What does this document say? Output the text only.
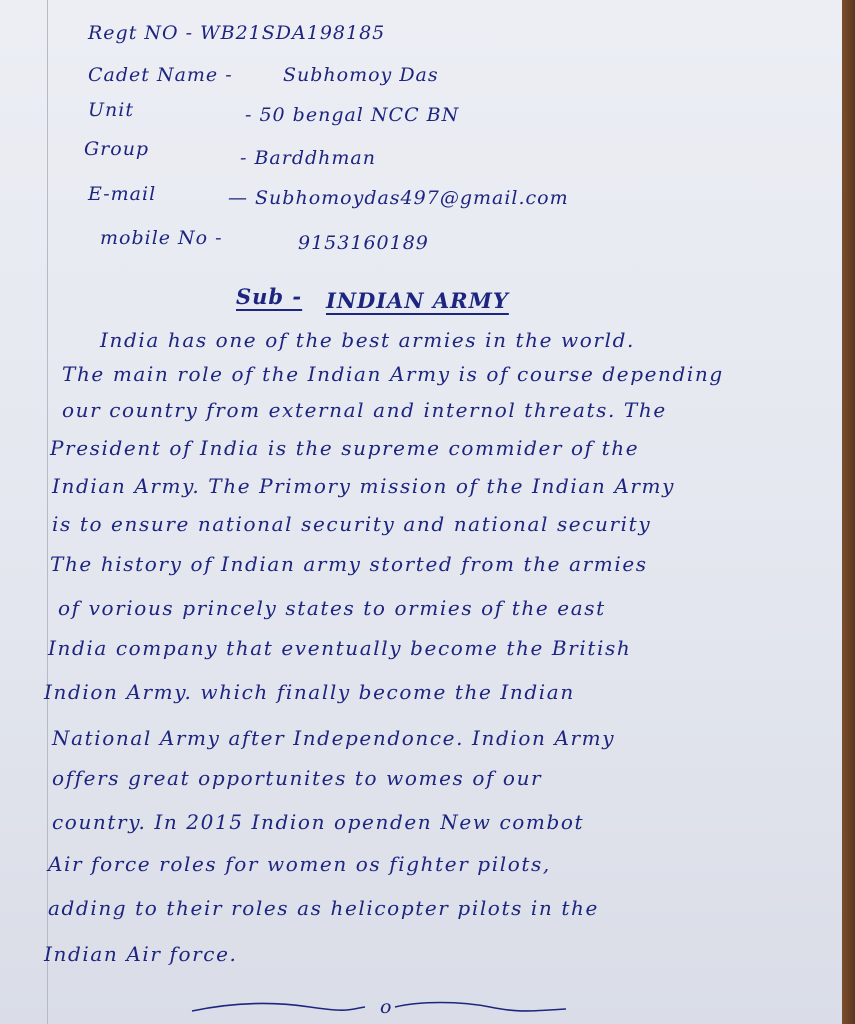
Regt NO - WB21SDA198185
Cadet Name -	Subhomoy Das
Unit	- 50 bengal NCC BN
Group	- Barddhman
E-mail	— Subhomoydas497@gmail.com
mobile No -	9153160189
Sub - INDIAN ARMY
India has one of the best armies in the world.
The main role of the Indian Army is of course depending
our country from external and internol threats. The
President of India is the supreme commider of the
Indian Army. The Primory mission of the Indian Army
is to ensure national security and national security
The history of Indian army storted from the armies
of vorious princely states to ormies of the east
India company that eventually become the British
Indion Army. which finally become the Indian
National Army after Independonce. Indion Army
offers great opportunites to womes of our
country. In 2015 Indion openden New combot
Air force roles for women os fighter pilots,
adding to their roles as helicopter pilots in the
Indian Air force.
o
